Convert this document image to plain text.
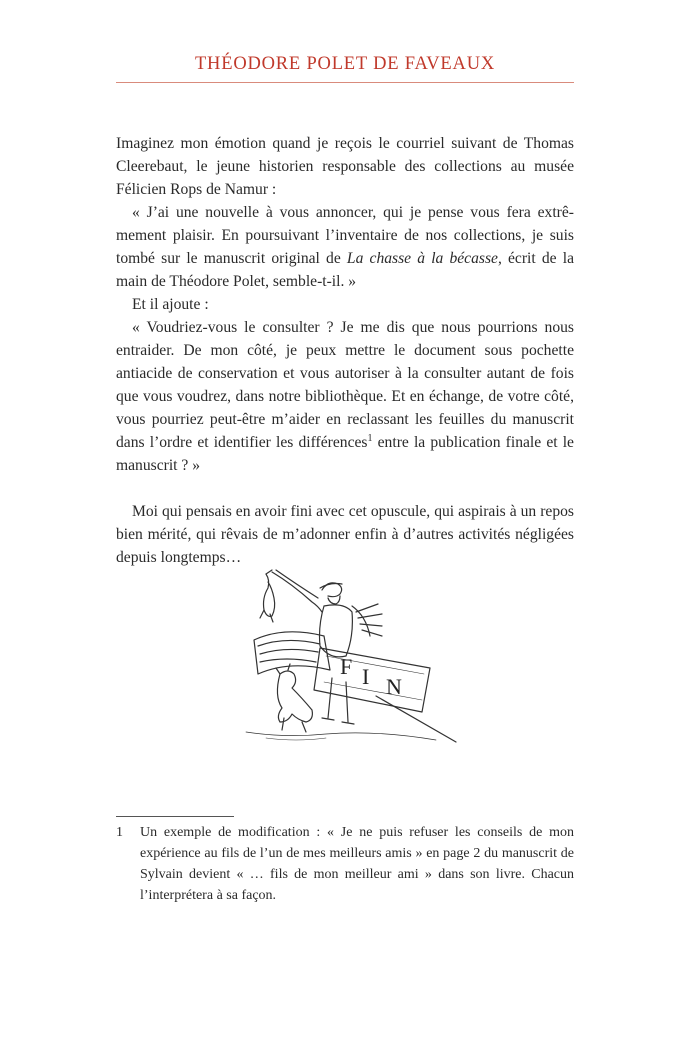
THÉODORE POLET DE FAVEAUX

Imaginez mon émotion quand je reçois le courriel suivant de Thomas Cleerebaut, le jeune historien responsable des collections au musée Félicien Rops de Namur :

« J’ai une nouvelle à vous annoncer, qui je pense vous fera extrêmement plaisir. En poursuivant l’inventaire de nos collections, je suis tombé sur le manuscrit original de La chasse à la bécasse, écrit de la main de Théodore Polet, semble-t-il. »

Et il ajoute :

« Voudriez-vous le consulter ? Je me dis que nous pourrions nous entraider. De mon côté, je peux mettre le document sous pochette antiacide de conservation et vous autoriser à la consulter autant de fois que vous voudrez, dans notre bibliothèque. Et en échange, de votre côté, vous pourriez peut-être m’aider en reclassant les feuilles du manuscrit dans l’ordre et identifier les différences$^1$ entre la publication finale et le manuscrit ? »

Moi qui pensais en avoir fini avec cet opuscule, qui aspirais à un repos bien mérité, qui rêvais de m’adonner enfin à d’autres activités négligées depuis longtemps…

F I N
1	Un exemple de modification : « Je ne puis refuser les conseils de mon expérience au fils de l’un de mes meilleurs amis » en page 2 du manuscrit de Sylvain devient « … fils de mon meilleur ami » dans son livre. Chacun l’interprétera à sa façon.
